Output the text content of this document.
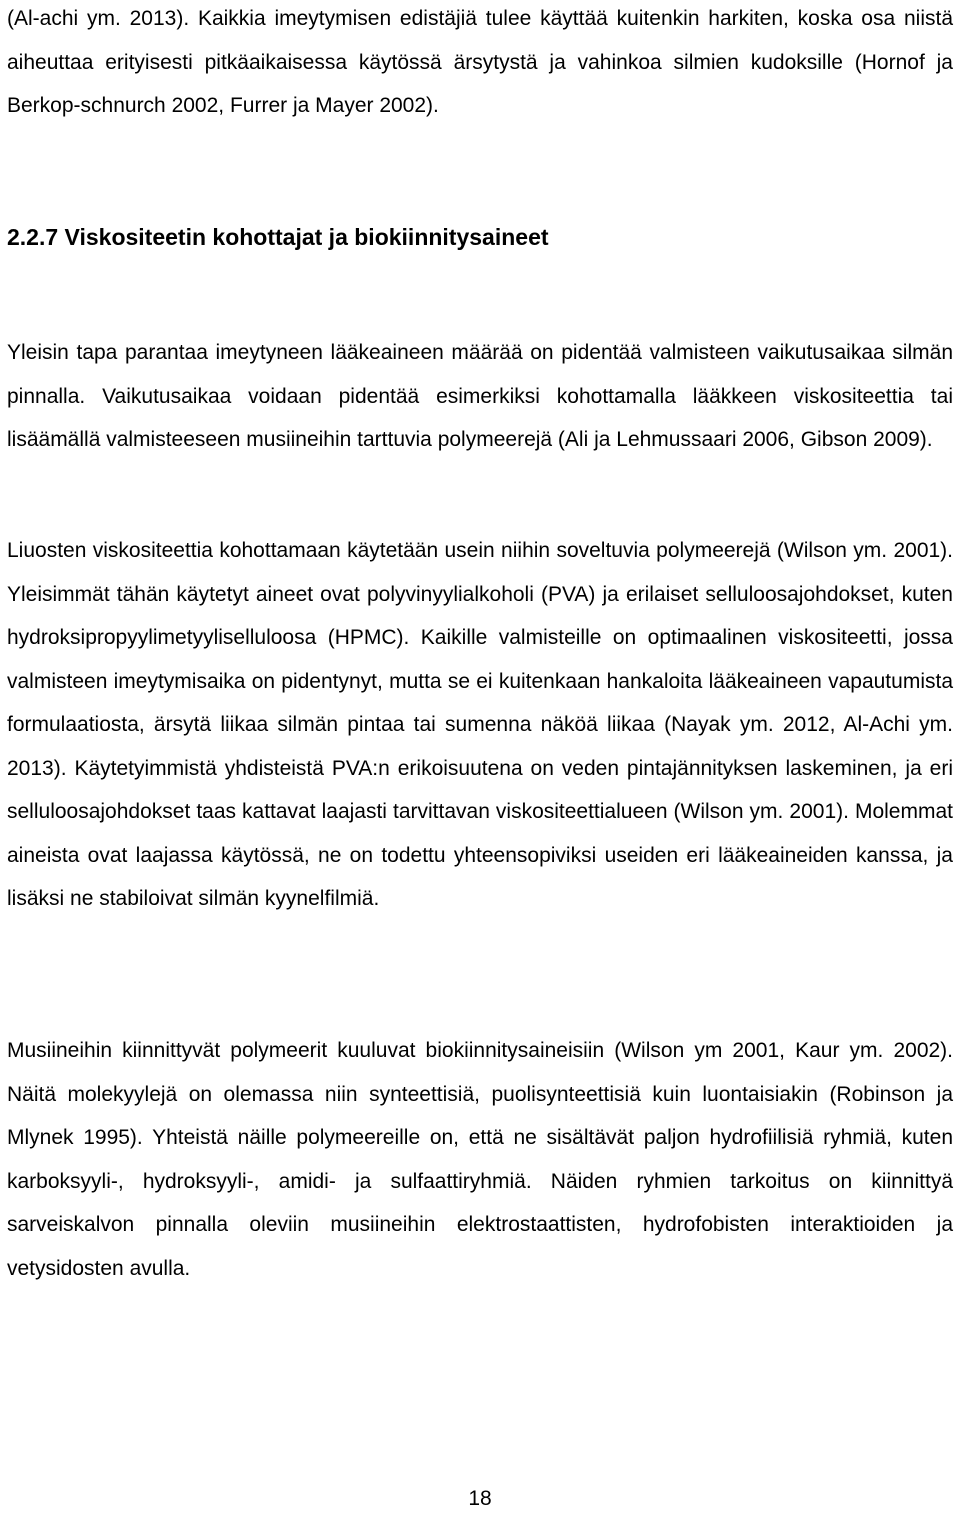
(Al-achi ym. 2013). Kaikkia imeytymisen edistäjiä tulee käyttää kuitenkin harkiten, koska osa niistä aiheuttaa erityisesti pitkäaikaisessa käytössä ärsytystä ja vahinkoa silmien kudoksille (Hornof ja Berkop-schnurch 2002, Furrer ja Mayer 2002).

2.2.7 Viskositeetin kohottajat ja biokiinnitysaineet

Yleisin tapa parantaa imeytyneen lääkeaineen määrää on pidentää valmisteen vaikutusaikaa silmän pinnalla. Vaikutusaikaa voidaan pidentää esimerkiksi kohottamalla lääkkeen viskositeettia tai lisäämällä valmisteeseen musiineihin tarttuvia polymeerejä (Ali ja Lehmussaari 2006, Gibson 2009).

Liuosten viskositeettia kohottamaan käytetään usein niihin soveltuvia polymeerejä (Wilson ym. 2001). Yleisimmät tähän käytetyt aineet ovat polyvinyylialkoholi (PVA) ja erilaiset selluloosajohdokset, kuten hydroksipropyylimetyyliselluloosa (HPMC). Kaikille valmisteille on optimaalinen viskositeetti, jossa valmisteen imeytymisaika on pidentynyt, mutta se ei kuitenkaan hankaloita lääkeaineen vapautumista formulaatiosta, ärsytä liikaa silmän pintaa tai sumenna näköä liikaa (Nayak ym. 2012, Al-Achi ym. 2013). Käytetyimmistä yhdisteistä PVA:n erikoisuutena on veden pintajännityksen laskeminen, ja eri selluloosajohdokset taas kattavat laajasti tarvittavan viskositeettialueen (Wilson ym. 2001). Molemmat aineista ovat laajassa käytössä, ne on todettu yhteensopiviksi useiden eri lääkeaineiden kanssa, ja lisäksi ne stabiloivat silmän kyynelfilmiä.

Musiineihin kiinnittyvät polymeerit kuuluvat biokiinnitysaineisiin (Wilson ym 2001, Kaur ym. 2002). Näitä molekyylejä on olemassa niin synteettisiä, puolisynteettisiä kuin luontaisiakin (Robinson ja Mlynek 1995). Yhteistä näille polymeereille on, että ne sisältävät paljon hydrofiilisiä ryhmiä, kuten karboksyyli-, hydroksyyli-, amidi- ja sulfaattiryhmiä. Näiden ryhmien tarkoitus on kiinnittyä sarveiskalvon pinnalla oleviin musiineihin elektrostaattisten, hydrofobisten interaktioiden ja vetysidosten avulla.

18
